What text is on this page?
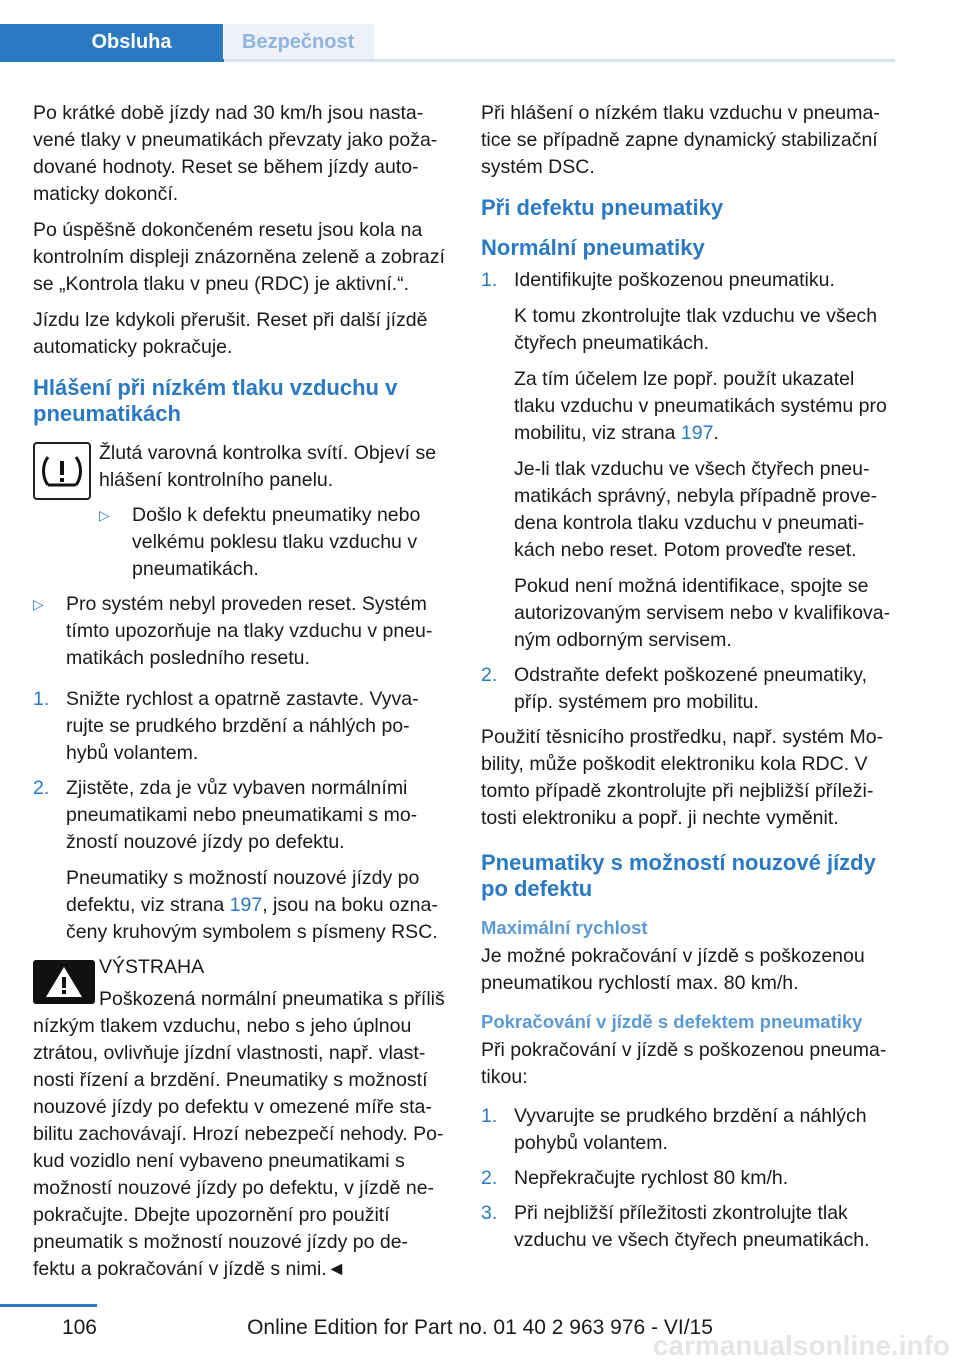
Obsluha	Bezpečnost

Po krátké době jízdy nad 30 km/h jsou nasta‐vené tlaky v pneumatikách převzaty jako poža‐dované hodnoty. Reset se během jízdy auto‐maticky dokončí.

Po úspěšně dokončeném resetu jsou kola na kontrolním displeji znázorněna zeleně a zobrazí se „Kontrola tlaku v pneu (RDC) je aktivní.“.

Jízdu lze kdykoli přerušit. Reset při další jízdě automaticky pokračuje.

Hlášení při nízkém tlaku vzduchu v pneumatikách

Žlutá varovná kontrolka svítí. Objeví se hlášení kontrolního panelu.

▷ Došlo k defektu pneumatiky nebo velkému poklesu tlaku vzduchu v pneumatikách.
▷ Pro systém nebyl proveden reset. Systém tímto upozorňuje na tlaky vzduchu v pneu‐matikách posledního resetu.
1. Snižte rychlost a opatrně zastavte. Vyva‐rujte se prudkého brzdění a náhlých po‐hybů volantem.

2. Zjistěte, zda je vůz vybaven normálními pneumatikami nebo pneumatikami s mo‐žností nouzové jízdy po defektu.

Pneumatiky s možností nouzové jízdy po defektu, viz strana 197, jsou na boku ozna‐čeny kruhovým symbolem s písmeny RSC.

VÝSTRAHA

Poškozená normální pneumatika s příliš nízkým tlakem vzduchu, nebo s jeho úplnou ztrátou, ovlivňuje jízdní vlastnosti, např. vlast‐nosti řízení a brzdění. Pneumatiky s možností nouzové jízdy po defektu v omezené míře sta‐bilitu zachovávají. Hrozí nebezpečí nehody. Po‐kud vozidlo není vybaveno pneumatikami s možností nouzové jízdy po defektu, v jízdě ne‐pokračujte. Dbejte upozornění pro použití pneumatik s možností nouzové jízdy po de‐fektu a pokračování v jízdě s nimi.◄

Při hlášení o nízkém tlaku vzduchu v pneuma‐tice se případně zapne dynamický stabilizační systém DSC.

Při defektu pneumatiky
Normální pneumatiky
1. Identifikujte poškozenou pneumatiku.

K tomu zkontrolujte tlak vzduchu ve všech čtyřech pneumatikách.

Za tím účelem lze popř. použít ukazatel tlaku vzduchu v pneumatikách systému pro mobilitu, viz strana 197.

Je-li tlak vzduchu ve všech čtyřech pneu‐matikách správný, nebyla případně prove‐dena kontrola tlaku vzduchu v pneumati‐kách nebo reset. Potom proveďte reset.

Pokud není možná identifikace, spojte se autorizovaným servisem nebo v kvalifikova‐ným odborným servisem.

2. Odstraňte defekt poškozené pneumatiky, příp. systémem pro mobilitu.

Použití těsnicího prostředku, např. systém Mo‐bility, může poškodit elektroniku kola RDC. V tomto případě zkontrolujte při nejbližší příleži‐tosti elektroniku a popř. ji nechte vyměnit.

Pneumatiky s možností nouzové jízdy po defektu
Maximální rychlost

Je možné pokračování v jízdě s poškozenou pneumatikou rychlostí max. 80 km/h.

Pokračování v jízdě s defektem pneumatiky

Při pokračování v jízdě s poškozenou pneuma‐tikou:

1. Vyvarujte se prudkého brzdění a náhlých pohybů volantem.

2. Nepřekračujte rychlost 80 km/h.

3. Při nejbližší příležitosti zkontrolujte tlak vzduchu ve všech čtyřech pneumatikách.

106	Online Edition for Part no. 01 40 2 963 976 - VI/15
carmanualsonline.info
